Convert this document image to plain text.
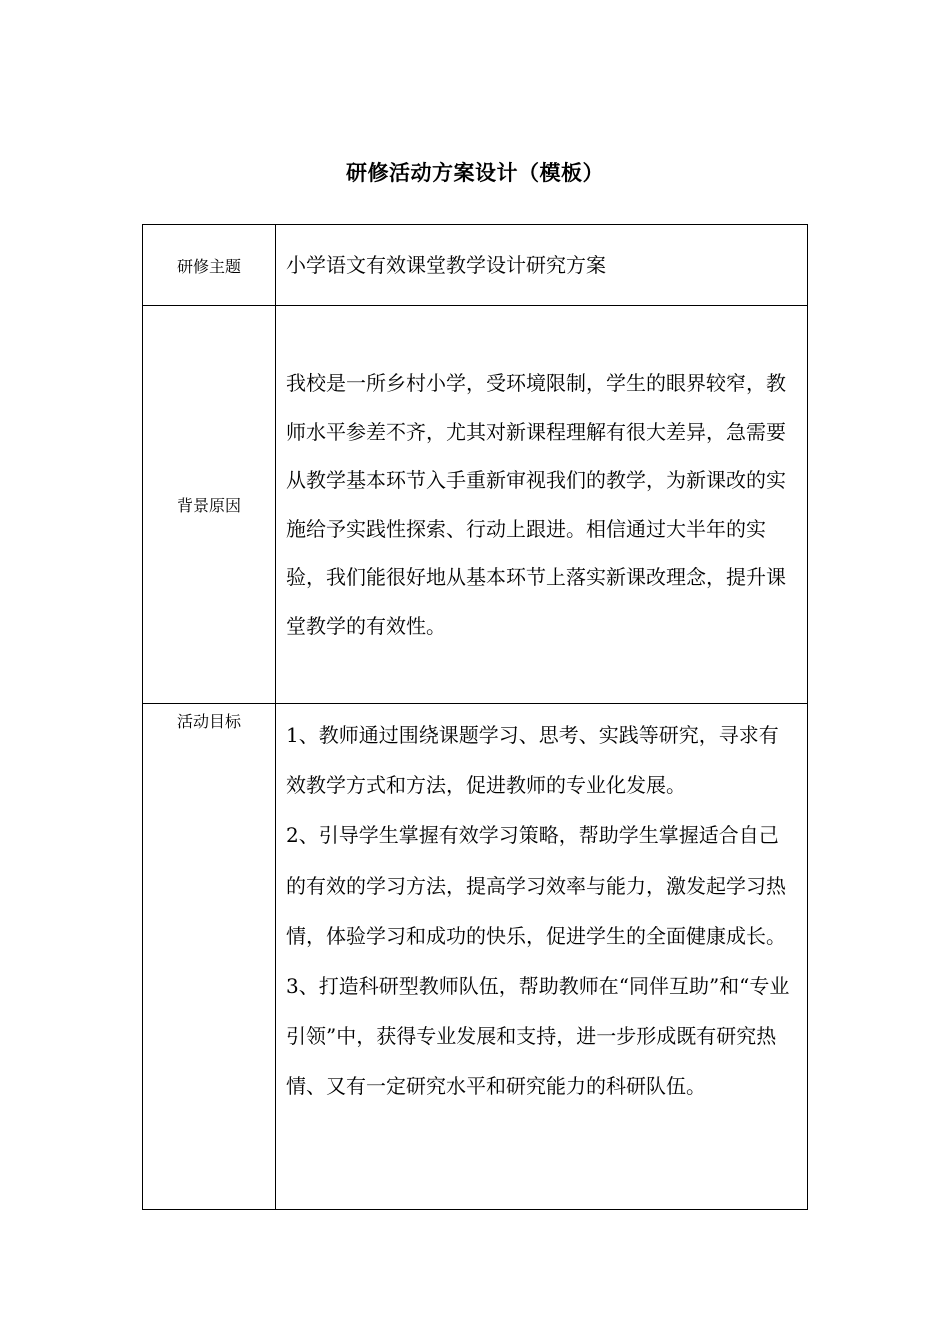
研修活动方案设计（模板）
研修主题	小学语文有效课堂教学设计研究方案
背景原因	我校是一所乡村小学，受环境限制，学生的眼界较窄，教师水平参差不齐，尤其对新课程理解有很大差异，急需要从教学基本环节入手重新审视我们的教学，为新课改的实施给予实践性探索、行动上跟进。相信通过大半年的实验，我们能很好地从基本环节上落实新课改理念，提升课堂教学的有效性。

活动目标	1、教师通过围绕课题学习、思考、实践等研究，寻求有效教学方式和方法，促进教师的专业化发展。

2、引导学生掌握有效学习策略，帮助学生掌握适合自己的有效的学习方法，提高学习效率与能力，激发起学习热情，体验学习和成功的快乐，促进学生的全面健康成长。

3、打造科研型教师队伍，帮助教师在“同伴互助”和“专业引领”中，获得专业发展和支持，进一步形成既有研究热情、又有一定研究水平和研究能力的科研队伍。
